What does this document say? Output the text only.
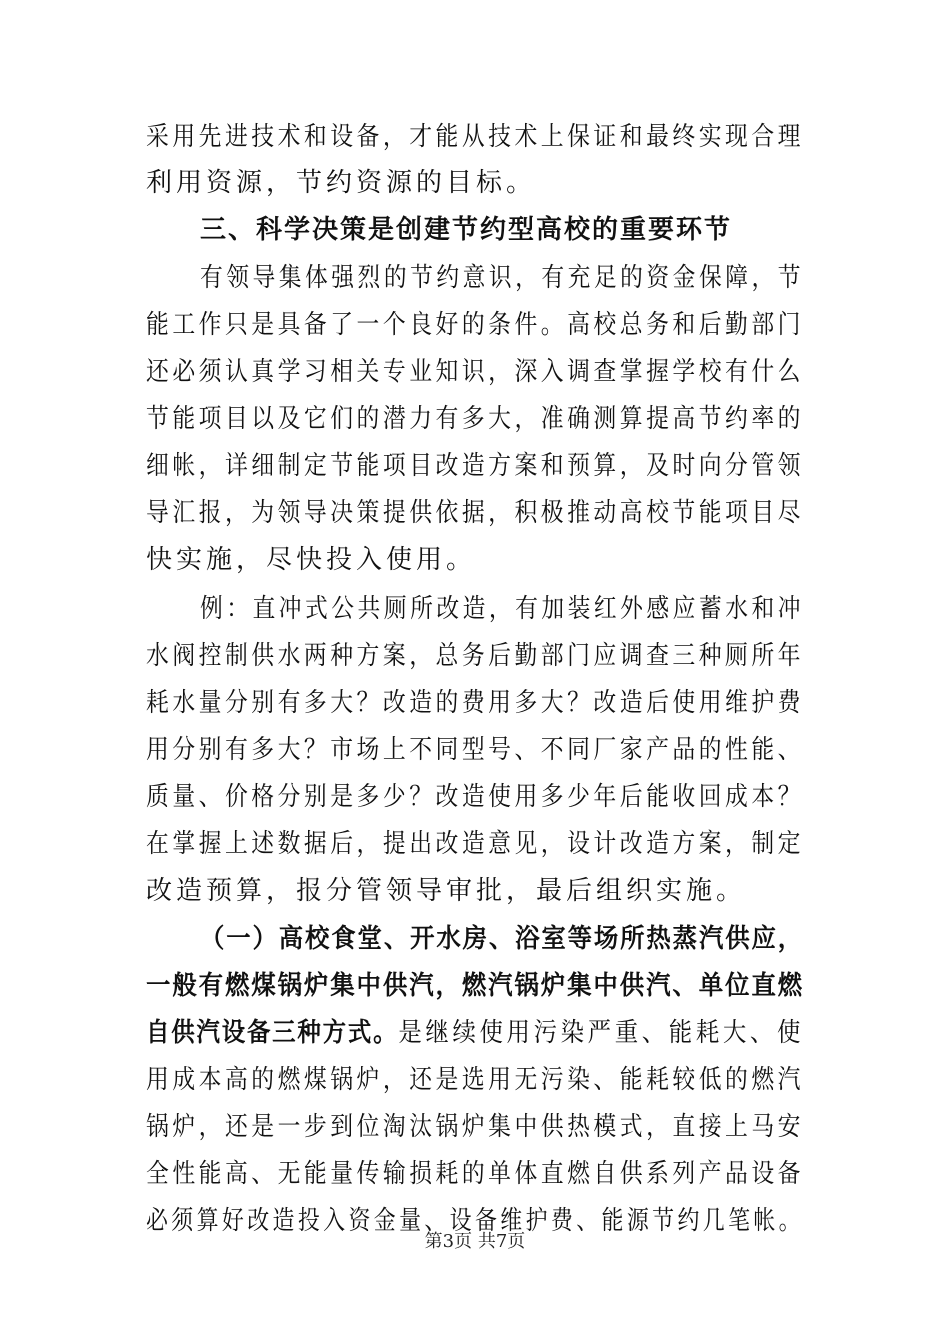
采用先进技术和设备，才能从技术上保证和最终实现合理
利用资源，节约资源的目标。
三、科学决策是创建节约型高校的重要环节
有领导集体强烈的节约意识，有充足的资金保障，节
能工作只是具备了一个良好的条件。高校总务和后勤部门
还必须认真学习相关专业知识，深入调查掌握学校有什么
节能项目以及它们的潜力有多大，准确测算提高节约率的
细帐，详细制定节能项目改造方案和预算，及时向分管领
导汇报，为领导决策提供依据，积极推动高校节能项目尽
快实施，尽快投入使用。
例：直冲式公共厕所改造，有加装红外感应蓄水和冲
水阀控制供水两种方案，总务后勤部门应调查三种厕所年
耗水量分别有多大？改造的费用多大？改造后使用维护费
用分别有多大？市场上不同型号、不同厂家产品的性能、
质量、价格分别是多少？改造使用多少年后能收回成本？
在掌握上述数据后，提出改造意见，设计改造方案，制定
改造预算，报分管领导审批，最后组织实施。
（一）高校食堂、开水房、浴室等场所热蒸汽供应，
一般有燃煤锅炉集中供汽，燃汽锅炉集中供汽、单位直燃
自供汽设备三种方式。是继续使用污染严重、能耗大、使
用成本高的燃煤锅炉，还是选用无污染、能耗较低的燃汽
锅炉，还是一步到位淘汰锅炉集中供热模式，直接上马安
全性能高、无能量传输损耗的单体直燃自供系列产品设备
必须算好改造投入资金量、设备维护费、能源节约几笔帐。
第3页 共7页
